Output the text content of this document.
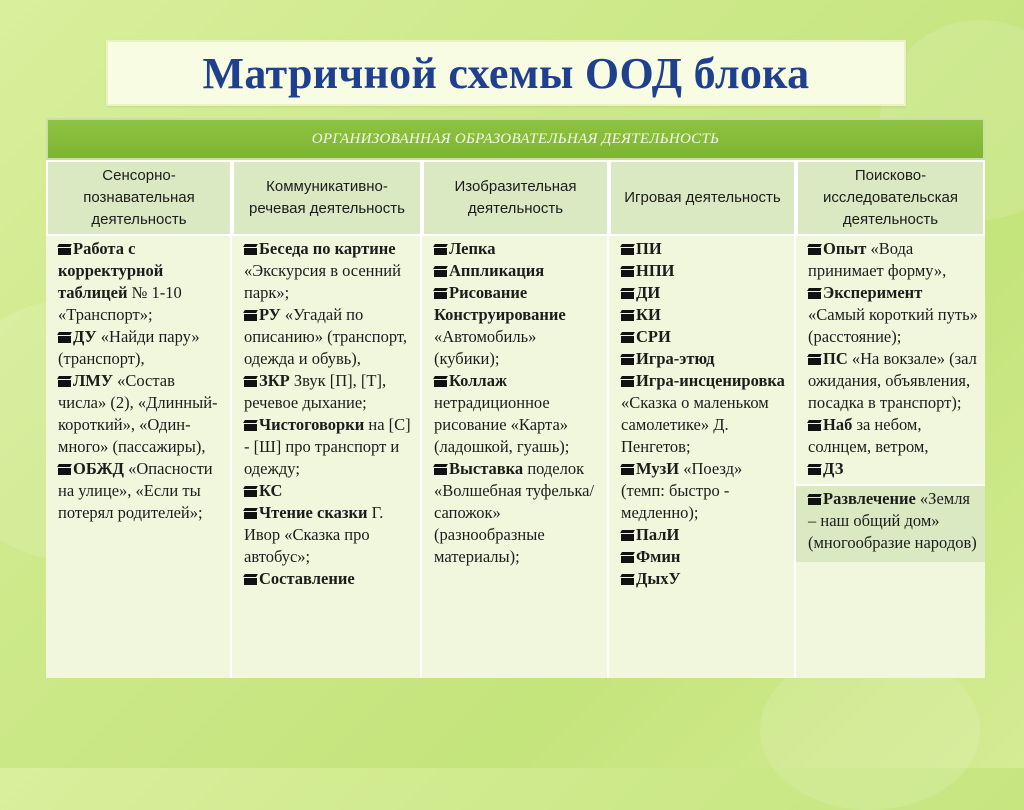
Матричной схемы ООД блока
ОРГАНИЗОВАННАЯ ОБРАЗОВАТЕЛЬНАЯ ДЕЯТЕЛЬНОСТЬ
Сенсорно-познавательная деятельность
Коммуникативно-речевая деятельность
Изобразительная деятельность
Игровая деятельность
Поисково-исследовательская деятельность

Работа с корректурной таблицей № 1-10 «Транспорт»;

ДУ «Найди пару» (транспорт),

ЛМУ «Состав числа» (2), «Длинный-короткий», «Один-много» (пассажиры),

ОБЖД «Опасности на улице», «Если ты потерял родителей»;

Беседа по картине «Экскурсия в осенний парк»;

РУ «Угадай по описанию» (транспорт, одежда и обувь),

ЗКР Звук [П], [Т], речевое дыхание;

Чистоговорки на [С] - [Ш] про транспорт и одежду;

КС

Чтение сказки Г. Ивор «Сказка про автобус»;

Составление

Лепка

Аппликация

Рисование

Конструирование «Автомобиль» (кубики);

Коллаж нетрадиционное рисование «Карта» (ладошкой, гуашь);

Выставка поделок «Волшебная туфелька/ сапожок» (разнообразные материалы);

ПИ

НПИ

ДИ

КИ

СРИ

Игра-этюд

Игра-инсценировка «Сказка о маленьком самолетике» Д. Пенгетов;

МузИ «Поезд» (темп: быстро - медленно);

ПалИ

Фмин

ДыхУ

Опыт «Вода принимает форму»,

Эксперимент «Самый короткий путь» (расстояние);

ПС «На вокзале» (зал ожидания, объявления, посадка в транспорт);

Наб за небом, солнцем, ветром,

ДЗ

Развлечение «Земля – наш общий дом» (многообразие народов)
